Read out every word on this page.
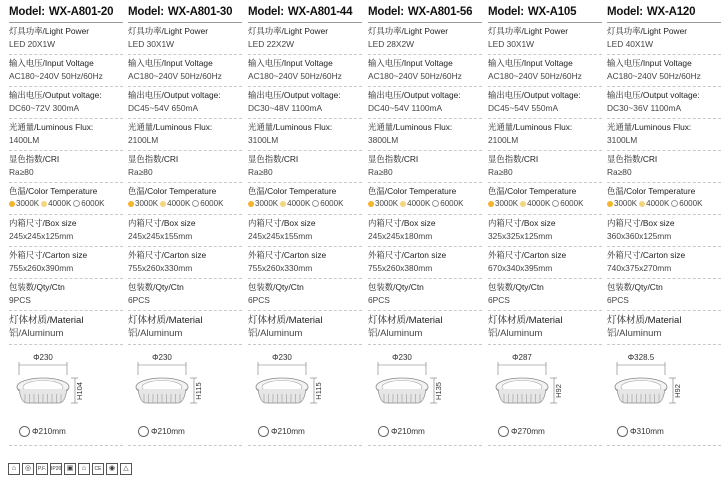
Model: WX-A801-20
灯具功率/Light Power
LED 20X1W
输入电压/Input Voltage
AC180~240V 50Hz/60Hz
输出电压/Output voltage:
DC60~72V 300mA
光通量/Luminous Flux:
1400LM
显色指数/CRI
Ra≥80
色温/Color Temperature
3000K 4000K 6000K
内箱尺寸/Box size
245x245x125mm
外箱尺寸/Carton size
755x260x390mm
包装数/Qty/Ctn
9PCS
灯体材质/Material
铝/Aluminum
Φ230
H104
Φ210mm
Model: WX-A801-30
灯具功率/Light Power
LED 30X1W
输入电压/Input Voltage
AC180~240V 50Hz/60Hz
输出电压/Output voltage:
DC45~54V 650mA
光通量/Luminous Flux:
2100LM
显色指数/CRI
Ra≥80
色温/Color Temperature
3000K 4000K 6000K
内箱尺寸/Box size
245x245x155mm
外箱尺寸/Carton size
755x260x330mm
包装数/Qty/Ctn
6PCS
灯体材质/Material
铝/Aluminum
Φ230
H115
Φ210mm
Model: WX-A801-44
灯具功率/Light Power
LED 22X2W
输入电压/Input Voltage
AC180~240V 50Hz/60Hz
输出电压/Output voltage:
DC30~48V 1100mA
光通量/Luminous Flux:
3100LM
显色指数/CRI
Ra≥80
色温/Color Temperature
3000K 4000K 6000K
内箱尺寸/Box size
245x245x155mm
外箱尺寸/Carton size
755x260x330mm
包装数/Qty/Ctn
6PCS
灯体材质/Material
铝/Aluminum
Φ230
H115
Φ210mm
Model: WX-A801-56
灯具功率/Light Power
LED 28X2W
输入电压/Input Voltage
AC180~240V 50Hz/60Hz
输出电压/Output voltage:
DC40~54V 1100mA
光通量/Luminous Flux:
3800LM
显色指数/CRI
Ra≥80
色温/Color Temperature
3000K 4000K 6000K
内箱尺寸/Box size
245x245x180mm
外箱尺寸/Carton size
755x260x380mm
包装数/Qty/Ctn
6PCS
灯体材质/Material
铝/Aluminum
Φ230
H135
Φ210mm
Model: WX-A105
灯具功率/Light Power
LED 30X1W
输入电压/Input Voltage
AC180~240V 50Hz/60Hz
输出电压/Output voltage:
DC45~54V 550mA
光通量/Luminous Flux:
2100LM
显色指数/CRI
Ra≥80
色温/Color Temperature
3000K 4000K 6000K
内箱尺寸/Box size
325x325x125mm
外箱尺寸/Carton size
670x340x395mm
包装数/Qty/Ctn
6PCS
灯体材质/Material
铝/Aluminum
Φ287
H92
Φ270mm
Model: WX-A120
灯具功率/Light Power
LED 40X1W
输入电压/Input Voltage
AC180~240V 50Hz/60Hz
输出电压/Output voltage:
DC30~36V 1100mA
光通量/Luminous Flux:
3100LM
显色指数/CRI
Ra≥80
色温/Color Temperature
3000K 4000K 6000K
内箱尺寸/Box size
360x360x125mm
外箱尺寸/Carton size
740x375x270mm
包装数/Qty/Ctn
6PCS
灯体材质/Material
铝/Aluminum
Φ328.5
H92
Φ310mm
⌂	◎	P.F.	IP20 ▣	⌂	CE	◉	△
